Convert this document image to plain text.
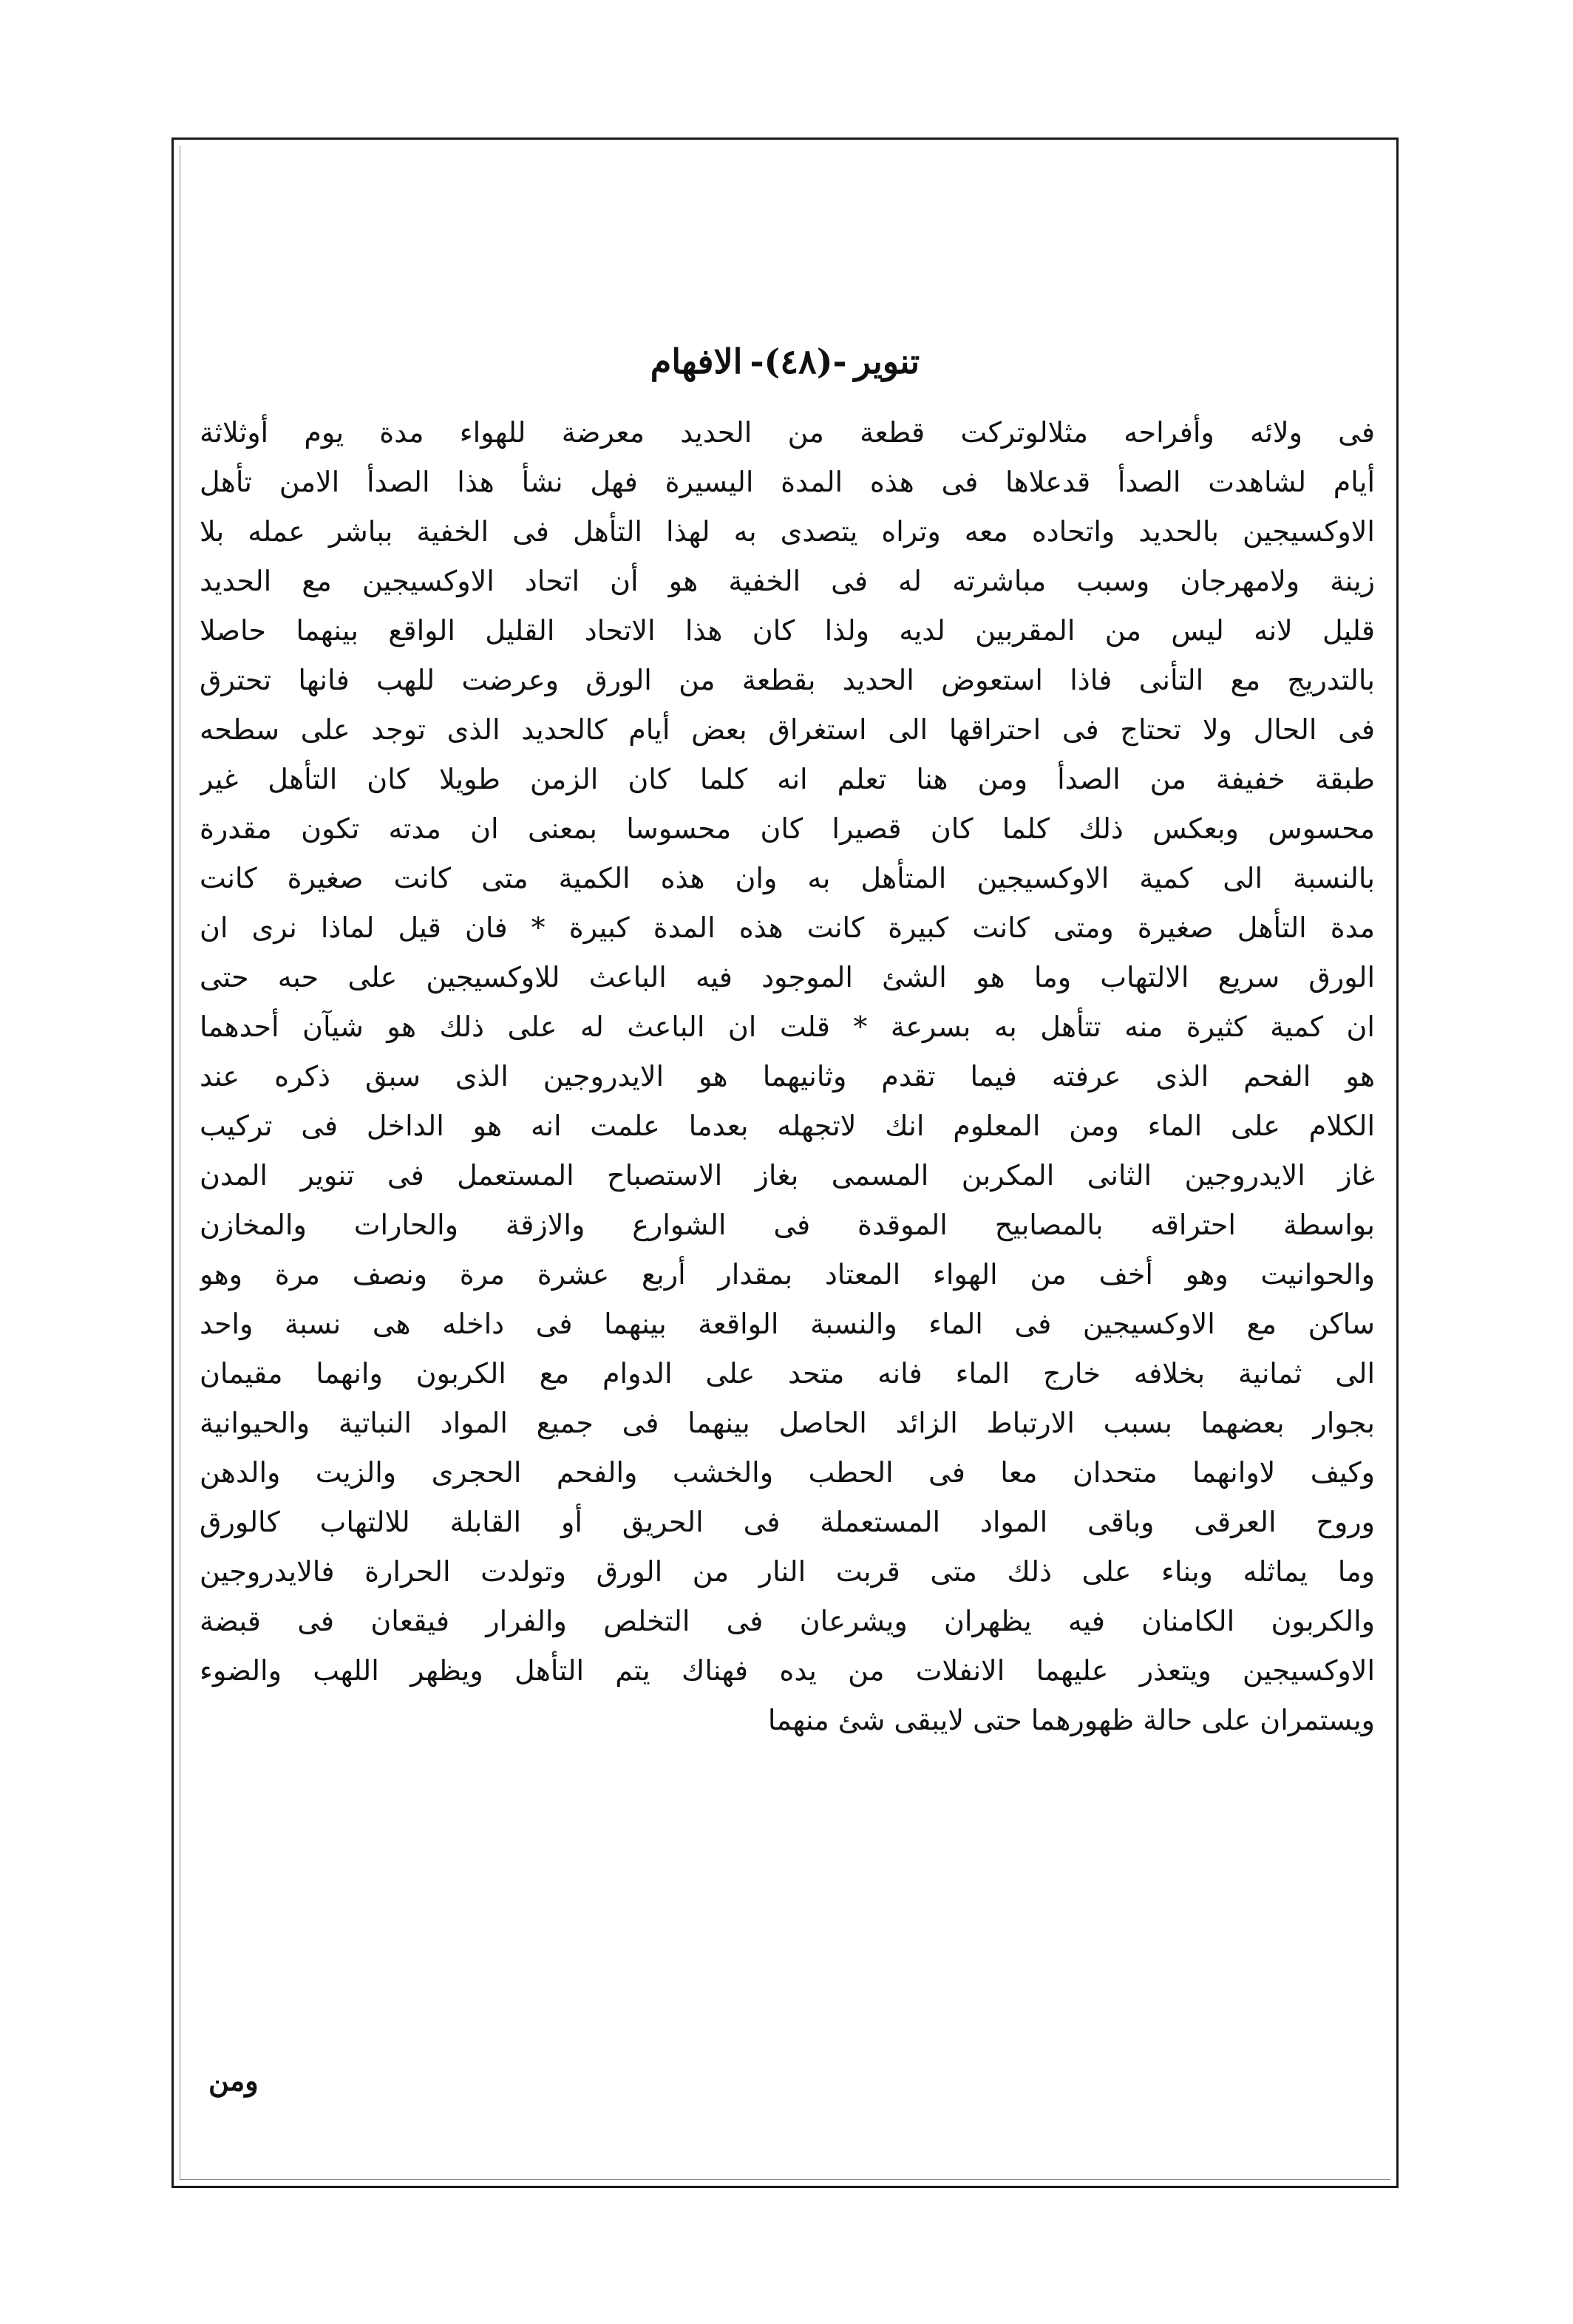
تنوير-(٤٨)-الافهام
فى ولائه وأفراحه مثلالوتركت قطعة من الحديد معرضة للهواء مدة يوم أوثلاثة
أيام لشاهدت الصدأ قدعلاها فى هذه المدة اليسيرة فهل نشأ هذا الصدأ الامن تأهل
الاوكسيجين بالحديد واتحاده معه وتراه يتصدى به لهذا التأهل فى الخفية بباشر عمله بلا
زينة ولامهرجان وسبب مباشرته له فى الخفية هو أن اتحاد الاوكسيجين مع الحديد
قليل لانه ليس من المقربين لديه ولذا كان هذا الاتحاد القليل الواقع بينهما حاصلا
بالتدريج مع التأنى فاذا استعوض الحديد بقطعة من الورق وعرضت للهب فانها تحترق
فى الحال ولا تحتاج فى احتراقها الى استغراق بعض أيام كالحديد الذى توجد على سطحه
طبقة خفيفة من الصدأ ومن هنا تعلم انه كلما كان الزمن طويلا كان التأهل غير
محسوس وبعكس ذلك كلما كان قصيرا كان محسوسا بمعنى ان مدته تكون مقدرة
بالنسبة الى كمية الاوكسيجين المتأهل به وان هذه الكمية متى كانت صغيرة كانت
مدة التأهل صغيرة ومتى كانت كبيرة كانت هذه المدة كبيرة * فان قيل لماذا نرى ان
الورق سريع الالتهاب وما هو الشئ الموجود فيه الباعث للاوكسيجين على حبه حتى
ان كمية كثيرة منه تتأهل به بسرعة * قلت ان الباعث له على ذلك هو شيآن أحدهما
هو الفحم الذى عرفته فيما تقدم وثانيهما هو الايدروجين الذى سبق ذكره عند
الكلام على الماء ومن المعلوم انك لاتجهله بعدما علمت انه هو الداخل فى تركيب
غاز الايدروجين الثانى المكربن المسمى بغاز الاستصباح المستعمل فى تنوير المدن
بواسطة احتراقه بالمصابيح الموقدة فى الشوارع والازقة والحارات والمخازن
والحوانيت وهو أخف من الهواء المعتاد بمقدار أربع عشرة مرة ونصف مرة وهو
ساكن مع الاوكسيجين فى الماء والنسبة الواقعة بينهما فى داخله هى نسبة واحد
الى ثمانية بخلافه خارج الماء فانه متحد على الدوام مع الكربون وانهما مقيمان
بجوار بعضهما بسبب الارتباط الزائد الحاصل بينهما فى جميع المواد النباتية والحيوانية
وكيف لاوانهما متحدان معا فى الحطب والخشب والفحم الحجرى والزيت والدهن
وروح العرقى وباقى المواد المستعملة فى الحريق أو القابلة للالتهاب كالورق
وما يماثله وبناء على ذلك متى قربت النار من الورق وتولدت الحرارة فالايدروجين
والكربون الكامنان فيه يظهران ويشرعان فى التخلص والفرار فيقعان فى قبضة
الاوكسيجين ويتعذر عليهما الانفلات من يده فهناك يتم التأهل ويظهر اللهب والضوء
ويستمران على حالة ظهورهما حتى لايبقى شئ منهما
ومن
